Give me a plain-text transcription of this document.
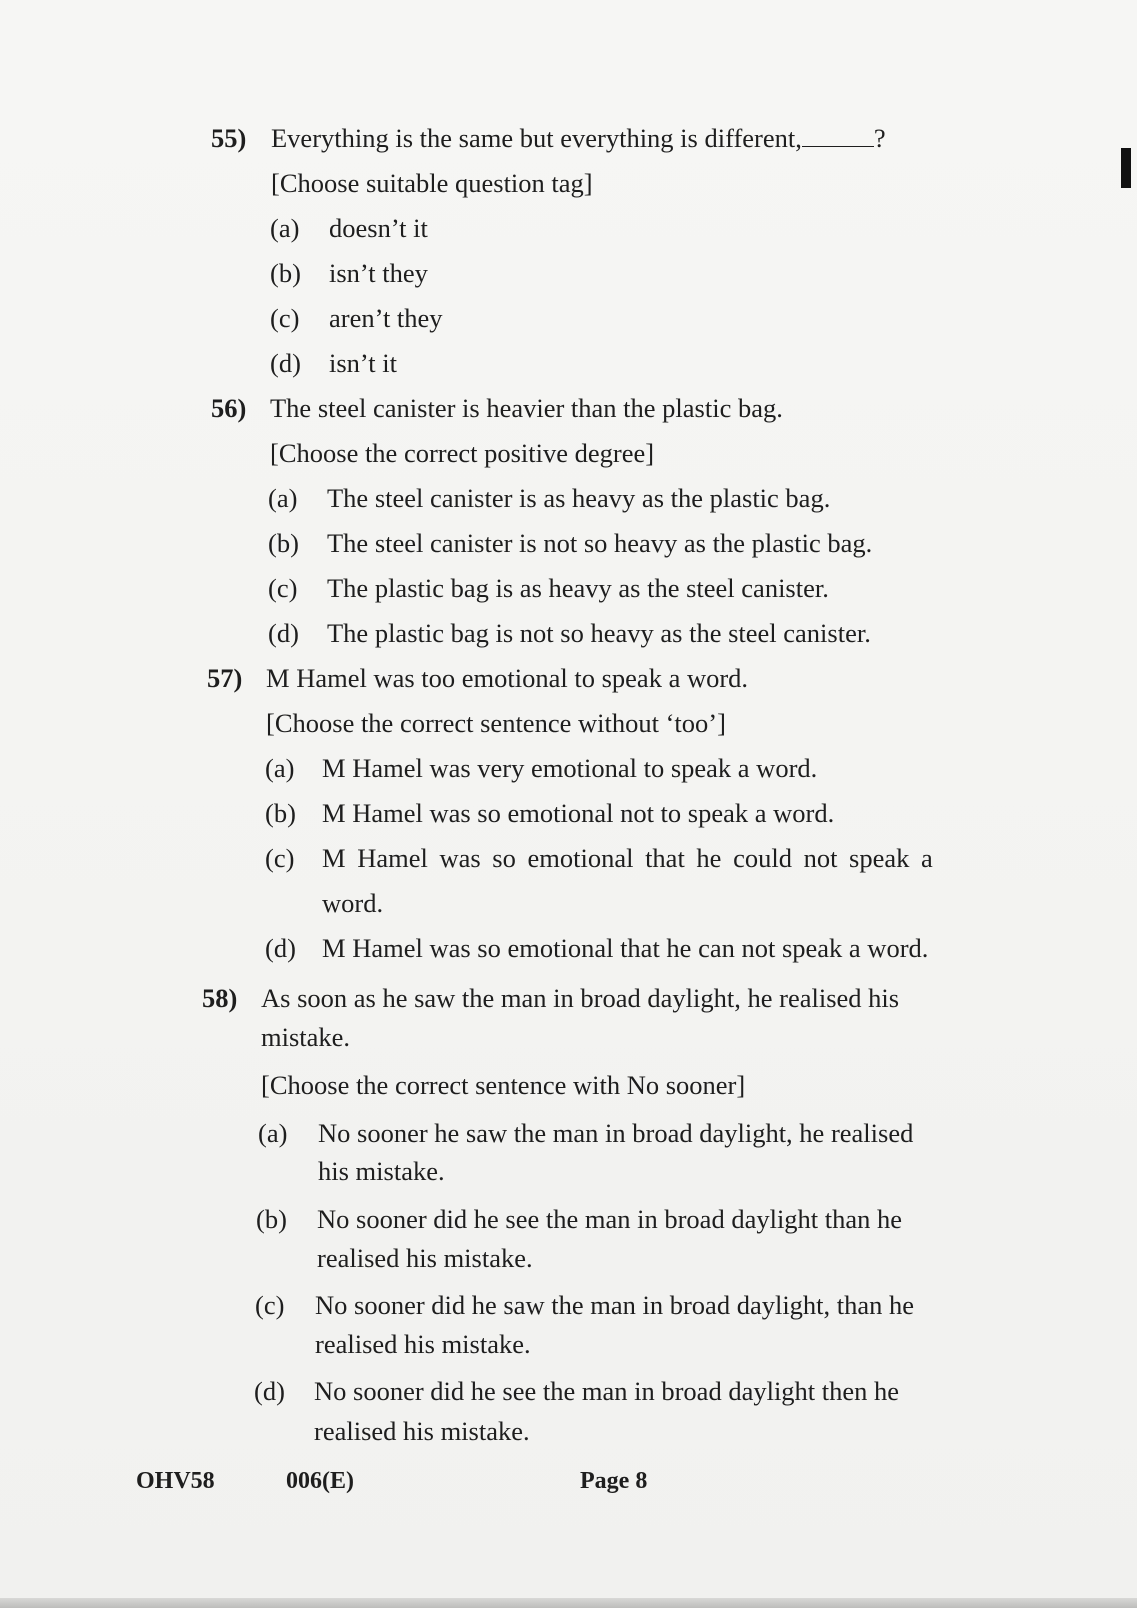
55) Everything is the same but everything is different,	?
[Choose suitable question tag]
(a) doesn’t it
(b) isn’t they
(c) aren’t they
(d) isn’t it
56) The steel canister is heavier than the plastic bag.
[Choose the correct positive degree]
(a) The steel canister is as heavy as the plastic bag.
(b) The steel canister is not so heavy as the plastic bag.
(c) The plastic bag is as heavy as the steel canister.
(d) The plastic bag is not so heavy as the steel canister.
57) M Hamel was too emotional to speak a word.
[Choose the correct sentence without ‘too’]
(a) M Hamel was very emotional to speak a word.
(b) M Hamel was so emotional not to speak a word.
(c) M Hamel was so emotional that he could not speak a
word.
(d) M Hamel was so emotional that he can not speak a word.
58) As soon as he saw the man in broad daylight, he realised his
mistake.
[Choose the correct sentence with No sooner]
(a) No sooner he saw the man in broad daylight, he realised
his mistake.
(b) No sooner did he see the man in broad daylight than he
realised his mistake.
(c) No sooner did he saw the man in broad daylight, than he
realised his mistake.
(d) No sooner did he see the man in broad daylight then he
realised his mistake.
OHV58	006(E)	Page 8
